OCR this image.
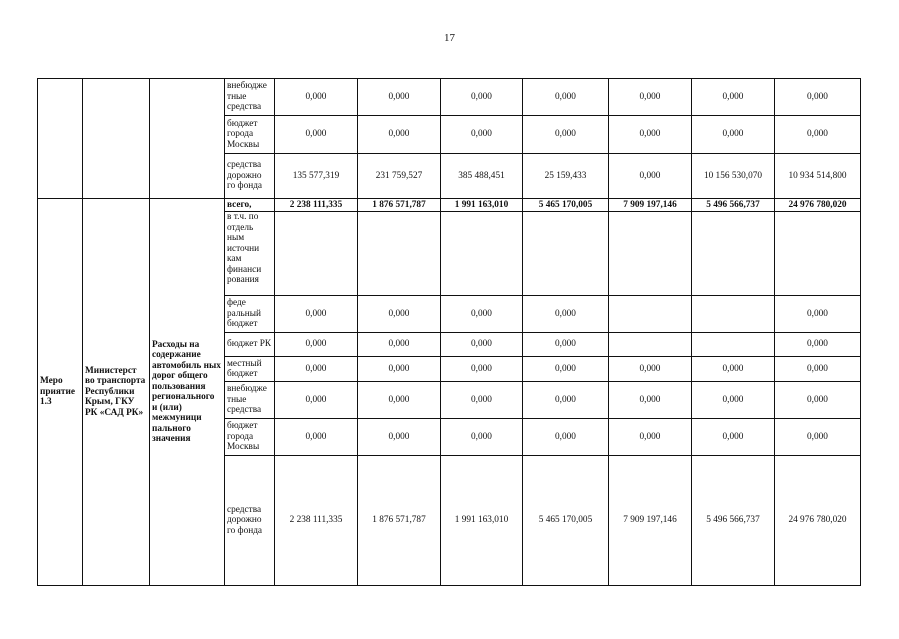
17
			внебюдже тные средства	0,000	0,000	0,000	0,000	0,000	0,000	0,000
			бюджет города Москвы	0,000	0,000	0,000	0,000	0,000	0,000	0,000
			средства дорожно го фонда	135 577,319	231 759,527	385 488,451	25 159,433	0,000	10 156 530,070	10 934 514,800
Меро приятие 1.3	Министерст во транспорта Республики Крым, ГКУ РК «САД РК»	Расходы на содержание автомобиль ных дорог общего пользования регионального и (или) межмуници пального значения	всего,	2 238 111,335	1 876 571,787	1 991 163,010	5 465 170,005	7 909 197,146	5 496 566,737	24 976 780,020
			в т.ч. по отдель ным источни кам финанси рования							
			феде ральный бюджет	0,000	0,000	0,000	0,000			0,000
			бюджет РК	0,000	0,000	0,000	0,000			0,000
			местный бюджет	0,000	0,000	0,000	0,000	0,000	0,000	0,000
			внебюдже тные средства	0,000	0,000	0,000	0,000	0,000	0,000	0,000
			бюджет города Москвы	0,000	0,000	0,000	0,000	0,000	0,000	0,000
			средства дорожно го фонда	2 238 111,335	1 876 571,787	1 991 163,010	5 465 170,005	7 909 197,146	5 496 566,737	24 976 780,020
